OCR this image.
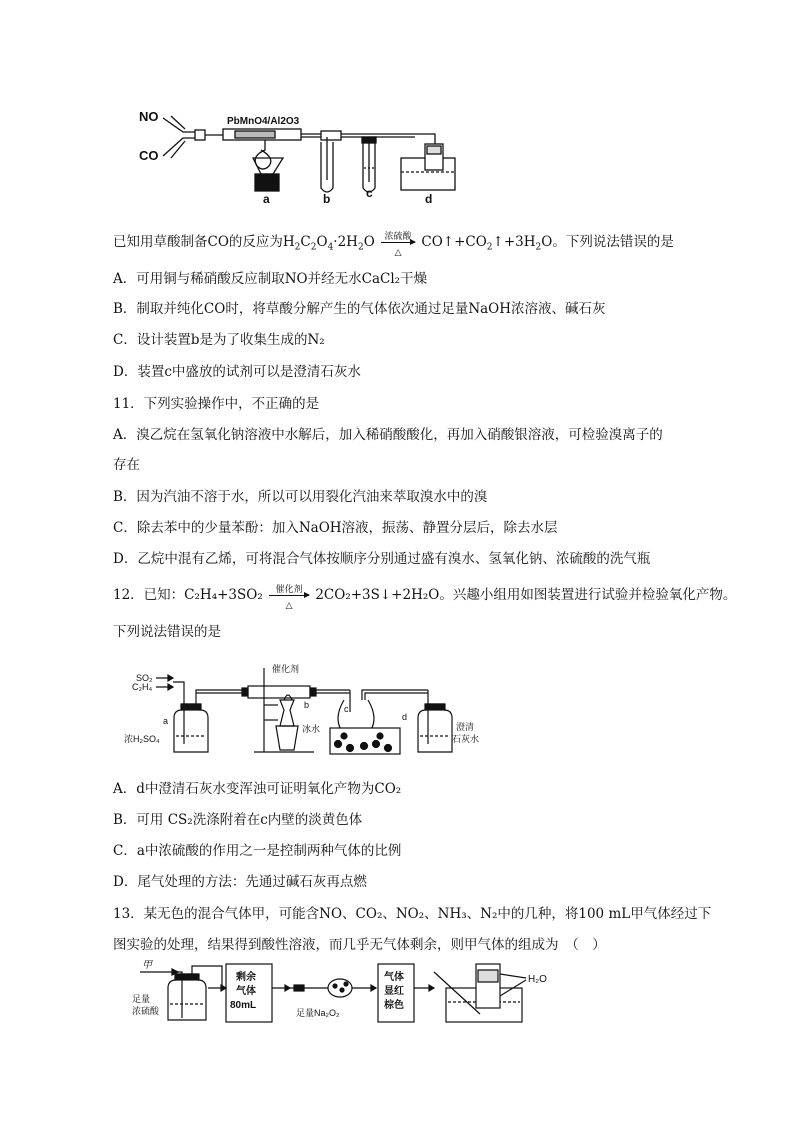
NO
CO
PbMnO4/Al2O3
a	b	c	d
已知用草酸制备CO的反应为$H_2C_2O_4\cdot 2H_2O \frac{\text{浓硫酸}}{\triangle}$ $CO↑+CO_2↑+3H_2O$。下列说法错误的是
A．可用铜与稀硝酸反应制取NO并经无水CaCl₂干燥
B．制取并纯化CO时，将草酸分解产生的气体依次通过足量NaOH浓溶液、碱石灰
C．设计装置b是为了收集生成的N₂
D．装置c中盛放的试剂可以是澄清石灰水
11．下列实验操作中，不正确的是
A．溴乙烷在氢氧化钠溶液中水解后，加入稀硝酸酸化，再加入硝酸银溶液，可检验溴离子的
存在
B．因为汽油不溶于水，所以可以用裂化汽油来萃取溴水中的溴
C．除去苯中的少量苯酚：加入NaOH溶液，振荡、静置分层后，除去水层
D．乙烷中混有乙烯，可将混合气体按顺序分别通过盛有溴水、氢氧化钠、浓硫酸的洗气瓶
12．已知：$C_2H_4+3SO_2 \frac{\text{催化剂}}{\triangle}$ 2CO₂+3S↓+2H₂O。兴趣小组用如图装置进行试验并检验氧化产物。
下列说法错误的是
SO₂
C₂H₄
a
浓H₂SO₄
催化剂
b	c
冰水
d
澄清
石灰水
A．d中澄清石灰水变浑浊可证明氧化产物为CO₂
B．可用 CS₂洗涤附着在c内壁的淡黄色体
C．a中浓硫酸的作用之一是控制两种气体的比例
D．尾气处理的方法：先通过碱石灰再点燃
13．某无色的混合气体甲，可能含NO、CO₂、NO₂、NH₃、N₂中的几种，将100 mL甲气体经过下
图实验的处理，结果得到酸性溶液，而几乎无气体剩余，则甲气体的组成为　（　）
甲
足量
浓硫酸
剩余
气体
80mL
足量Na₂O₂
气体
显红
棕色
H₂O
